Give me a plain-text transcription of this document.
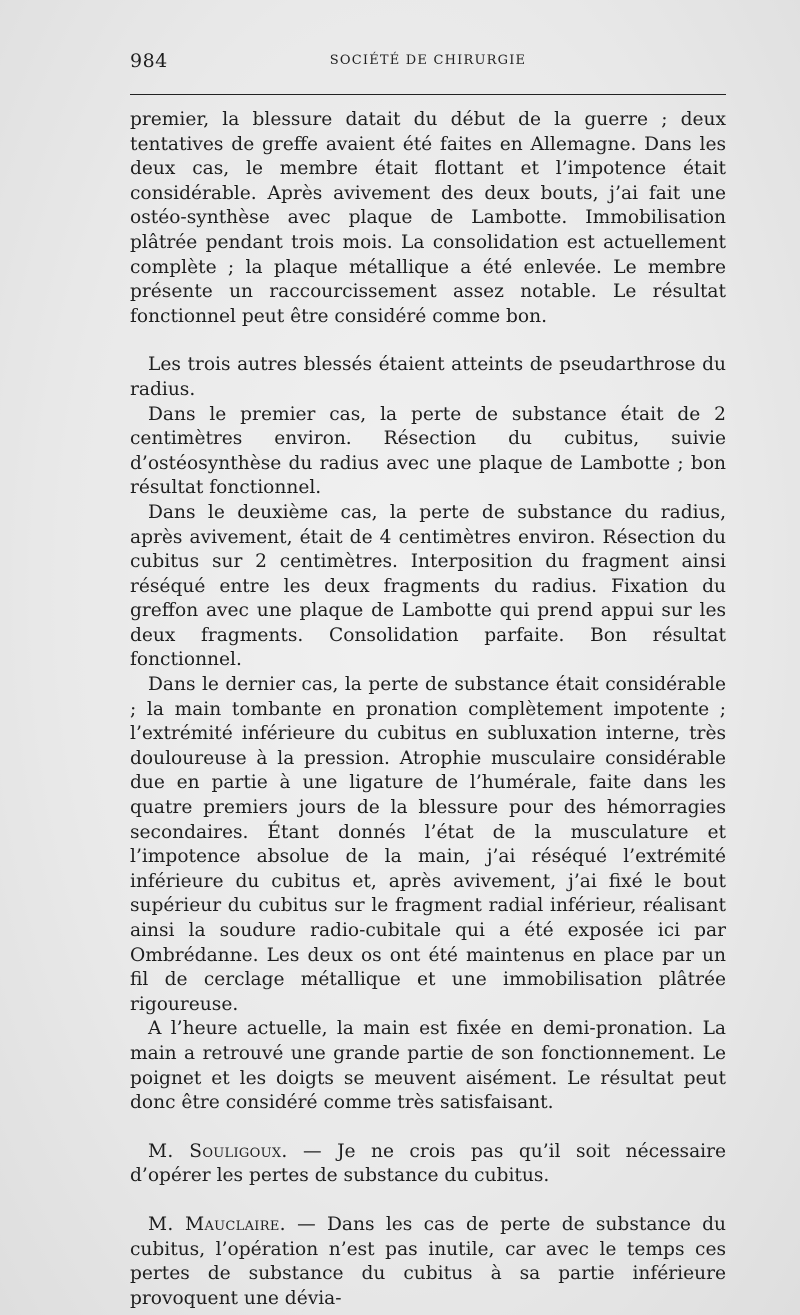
984	SOCIÉTÉ DE CHIRURGIE

premier, la blessure datait du début de la guerre ; deux tentatives de greffe avaient été faites en Allemagne. Dans les deux cas, le membre était flottant et l’impotence était considérable. Après avivement des deux bouts, j’ai fait une ostéo-synthèse avec plaque de Lambotte. Immobilisation plâtrée pendant trois mois. La consolidation est actuellement complète ; la plaque métallique a été enlevée. Le membre présente un raccourcissement assez notable. Le résultat fonctionnel peut être considéré comme bon.

Les trois autres blessés étaient atteints de pseudarthrose du radius.

Dans le premier cas, la perte de substance était de 2 centimètres environ. Résection du cubitus, suivie d’ostéosynthèse du radius avec une plaque de Lambotte ; bon résultat fonctionnel.

Dans le deuxième cas, la perte de substance du radius, après avivement, était de 4 centimètres environ. Résection du cubitus sur 2 centimètres. Interposition du fragment ainsi réséqué entre les deux fragments du radius. Fixation du greffon avec une plaque de Lambotte qui prend appui sur les deux fragments. Consolidation parfaite. Bon résultat fonctionnel.

Dans le dernier cas, la perte de substance était considérable ; la main tombante en pronation complètement impotente ; l’extrémité inférieure du cubitus en subluxation interne, très douloureuse à la pression. Atrophie musculaire considérable due en partie à une ligature de l’humérale, faite dans les quatre premiers jours de la blessure pour des hémorragies secondaires. Étant donnés l’état de la musculature et l’impotence absolue de la main, j’ai réséqué l’extrémité inférieure du cubitus et, après avivement, j’ai fixé le bout supérieur du cubitus sur le fragment radial inférieur, réalisant ainsi la soudure radio-cubitale qui a été exposée ici par Ombrédanne. Les deux os ont été maintenus en place par un fil de cerclage métallique et une immobilisation plâtrée rigoureuse.

A l’heure actuelle, la main est fixée en demi-pronation. La main a retrouvé une grande partie de son fonctionnement. Le poignet et les doigts se meuvent aisément. Le résultat peut donc être considéré comme très satisfaisant.

M. Souligoux. — Je ne crois pas qu’il soit nécessaire d’opérer les pertes de substance du cubitus.

M. Mauclaire. — Dans les cas de perte de substance du cubitus, l’opération n’est pas inutile, car avec le temps ces pertes de substance du cubitus à sa partie inférieure provoquent une dévia-
